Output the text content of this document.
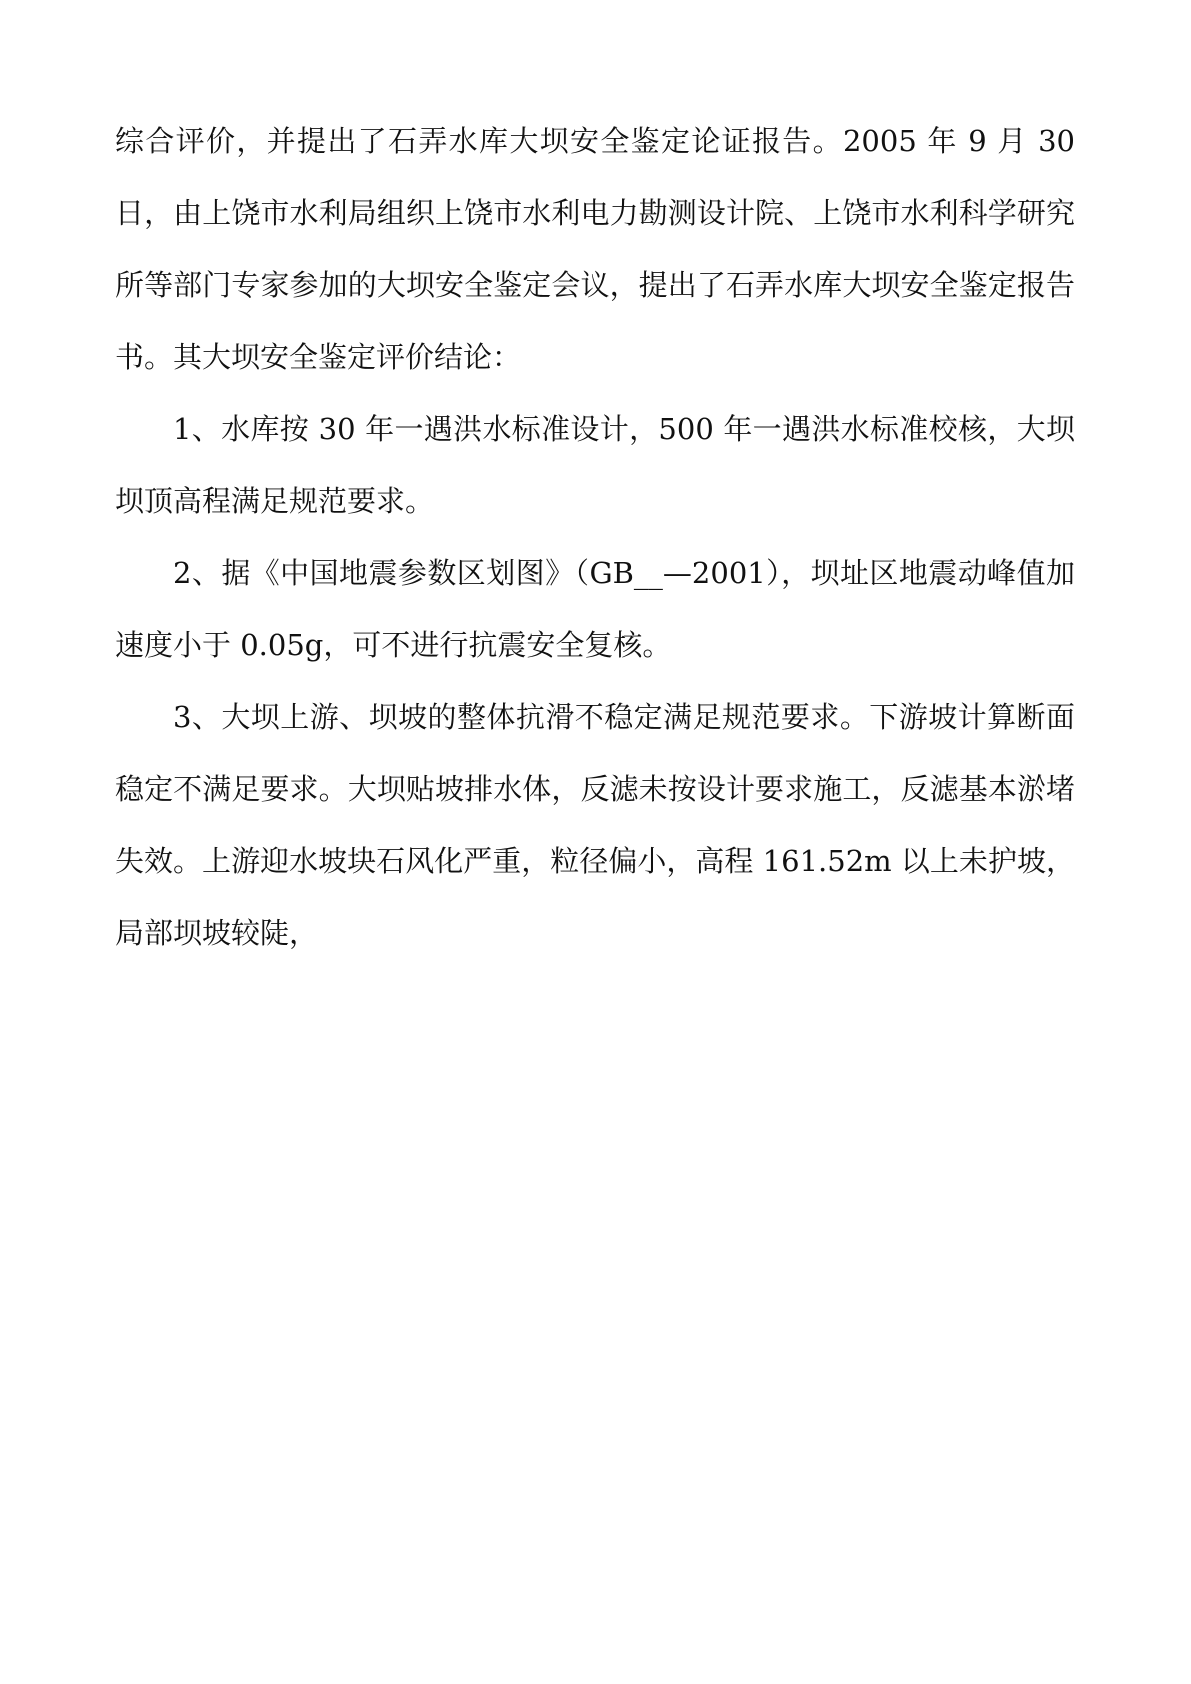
综合评价，并提出了石弄水库大坝安全鉴定论证报告。2005 年 9 月 30 日，由上饶市水利局组织上饶市水利电力勘测设计院、上饶市水利科学研究所等部门专家参加的大坝安全鉴定会议，提出了石弄水库大坝安全鉴定报告书。其大坝安全鉴定评价结论：

1、水库按 30 年一遇洪水标准设计，500 年一遇洪水标准校核，大坝坝顶高程满足规范要求。

2、据《中国地震参数区划图》（GB__—2001），坝址区地震动峰值加速度小于 0.05g，可不进行抗震安全复核。

3、大坝上游、坝坡的整体抗滑不稳定满足规范要求。下游坡计算断面稳定不满足要求。大坝贴坡排水体，反滤未按设计要求施工，反滤基本淤堵失效。上游迎水坡块石风化严重，粒径偏小，高程 161.52m 以上未护坡，局部坝坡较陡，
